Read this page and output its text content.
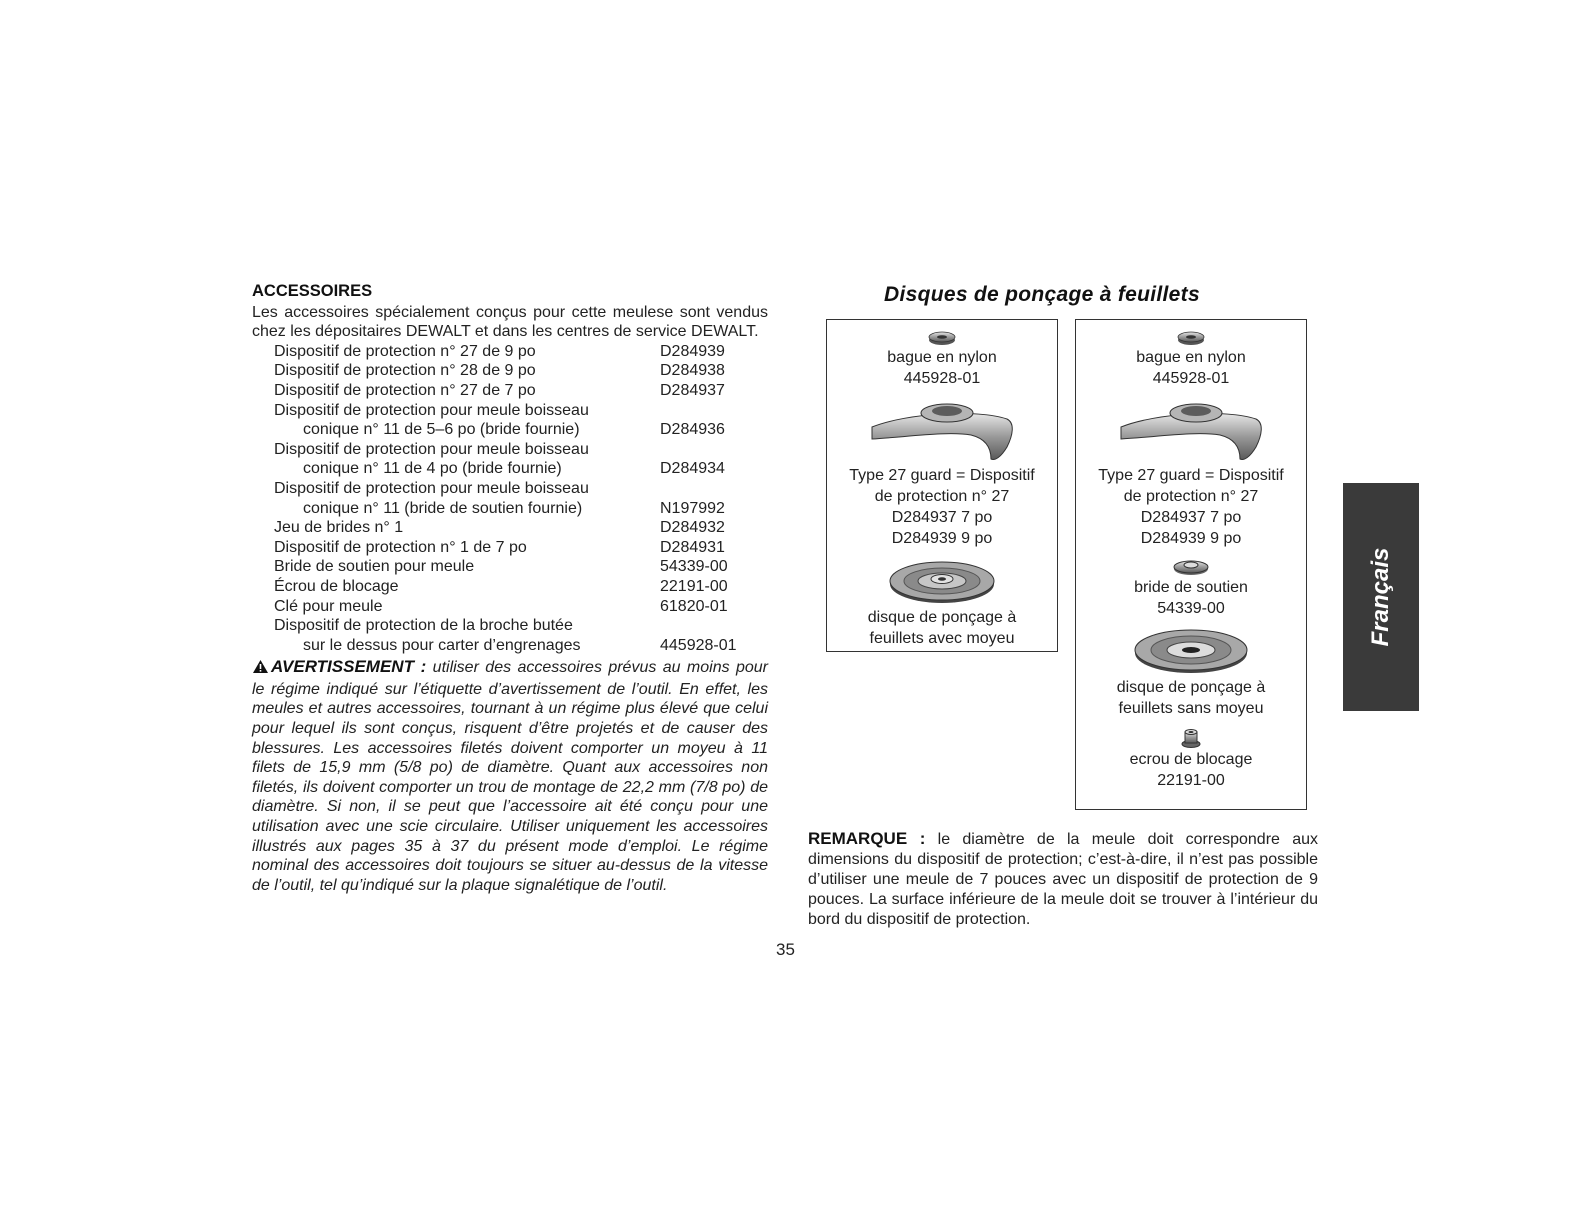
ACCESSOIRES

Les accessoires spécialement conçus pour cette meulese sont vendus chez les dépositaires DEWALT et dans les centres de service DEWALT.

Dispositif de protection n° 27 de 9 po	D284939
Dispositif de protection n° 28 de 9 po	D284938
Dispositif de protection n° 27 de 7 po	D284937
Dispositif de protection pour meule boisseau
conique n° 11 de 5–6 po (bride fournie)	D284936
Dispositif de protection pour meule boisseau
conique n° 11 de 4 po (bride fournie)	D284934
Dispositif de protection pour meule boisseau
conique n° 11 (bride de soutien fournie)	N197992
Jeu de brides n° 1	D284932
Dispositif de protection n° 1 de 7 po	D284931
Bride de soutien pour meule	54339-00
Écrou de blocage	22191-00
Clé pour meule	61820-01
Dispositif de protection de la broche butée
sur le dessus pour carter d’engrenages	445928-01

AVERTISSEMENT : utiliser des accessoires prévus au moins pour le régime indiqué sur l’étiquette d’avertissement de l’outil. En effet, les meules et autres accessoires, tournant à un régime plus élevé que celui pour lequel ils sont conçus, risquent d’être projetés et de causer des blessures. Les accessoires filetés doivent comporter un moyeu à 11 filets de 15,9 mm (5/8 po) de diamètre. Quant aux accessoires non filetés, ils doivent comporter un trou de montage de 22,2 mm (7/8 po) de diamètre. Si non, il se peut que l’accessoire ait été conçu pour une utilisation avec une scie circulaire. Utiliser uniquement les accessoires illustrés aux pages 35 à 37 du présent mode d’emploi. Le régime nominal des accessoires doit toujours se situer au-dessus de la vitesse de l’outil, tel qu’indiqué sur la plaque signalétique de l’outil.

Disques de ponçage à feuillets
bague en nylon
445928-01
Type 27 guard = Dispositif
de protection n° 27
D284937 7 po
D284939 9 po
disque de ponçage à
feuillets avec moyeu
bague en nylon
445928-01
Type 27 guard = Dispositif
de protection n° 27
D284937 7 po
D284939 9 po
bride de soutien
54339-00
disque de ponçage à
feuillets sans moyeu
ecrou de blocage
22191-00
REMARQUE : le diamètre de la meule doit correspondre aux dimensions du dispositif de protection; c’est-à-dire, il n’est pas possible d’utiliser une meule de 7 pouces avec un dispositif de protection de 9 pouces. La surface inférieure de la meule doit se trouver à l’intérieur du bord du dispositif de protection.
35
Français
